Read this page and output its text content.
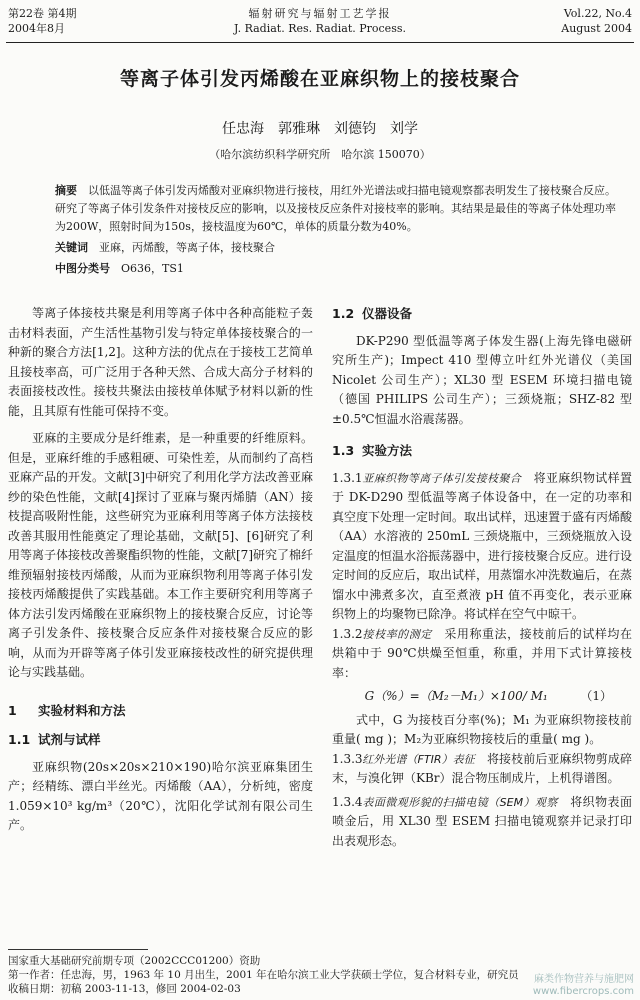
第22卷 第4期
2004年8月
辐射研究与辐射工艺学报
J. Radiat. Res. Radiat. Process.
Vol.22, No.4
August 2004
等离子体引发丙烯酸在亚麻织物上的接枝聚合
任忠海　郭雅琳　刘德钧　刘学
（哈尔滨纺织科学研究所　哈尔滨 150070）

摘要　 以低温等离子体引发丙烯酸对亚麻织物进行接枝，用红外光谱法或扫描电镜观察都表明发生了接枝聚合反应。研究了等离子体引发条件对接枝反应的影响，以及接枝反应条件对接枝率的影响。其结果是最佳的等离子体处理功率为200W，照射时间为150s，接枝温度为60℃，单体的质量分数为40%。

关键词　 亚麻，丙烯酸，等离子体，接枝聚合

中图分类号　 O636，TS1

等离子体接枝共聚是利用等离子体中各种高能粒子轰击材料表面，产生活性基物引发与特定单体接枝聚合的一种新的聚合方法[1,2]。这种方法的优点在于接枝工艺简单且接枝率高，可广泛用于各种天然、合成大高分子材料的表面接枝改性。接枝共聚法由接枝单体赋予材料以新的性能，且其原有性能可保持不变。

亚麻的主要成分是纤维素，是一种重要的纤维原料。但是，亚麻纤维的手感粗硬、可染性差，从而制约了高档亚麻产品的开发。文献[3]中研究了利用化学方法改善亚麻纱的染色性能，文献[4]探讨了亚麻与聚丙烯腈（AN）接枝提高吸附性能，这些研究为亚麻利用等离子体方法接枝改善其服用性能奠定了理论基础，文献[5]、[6]研究了利用等离子体接枝改善聚酯织物的性能，文献[7]研究了棉纤维预辐射接枝丙烯酸，从而为亚麻织物利用等离子体引发接枝丙烯酸提供了实践基础。本工作主要研究利用等离子体方法引发丙烯酸在亚麻织物上的接枝聚合反应，讨论等离子引发条件、接枝聚合反应条件对接枝聚合反应的影响，从而为开辟等离子体引发亚麻接枝改性的研究提供理论与实践基础。

1 实验材料和方法
1.1 试剂与试样

亚麻织物(20s×20s×210×190)哈尔滨亚麻集团生产；经精练、漂白半丝光。丙烯酸（AA），分析纯，密度 1.059×10³ kg/m³（20℃），沈阳化学试剂有限公司生产。

1.2 仪器设备

DK-P290 型低温等离子体发生器(上海先锋电磁研究所生产)；Impect 410 型傅立叶红外光谱仪（美国 Nicolet 公司生产）；XL30 型 ESEM 环境扫描电镜（德国 PHILIPS 公司生产）；三颈烧瓶；SHZ-82 型±0.5℃恒温水浴震荡器。

1.3 实验方法

1.3.1亚麻织物等离子体引发接枝聚合　 将亚麻织物试样置于 DK-D290 型低温等离子体设备中，在一定的功率和真空度下处理一定时间。取出试样，迅速置于盛有丙烯酸（AA）水溶液的 250mL 三颈烧瓶中，三颈烧瓶放入设定温度的恒温水浴振荡器中，进行接枝聚合反应。进行设定时间的反应后，取出试样，用蒸馏水冲洗数遍后，在蒸馏水中沸煮多次，直至煮液 pH 值不再变化，表示亚麻织物上的均聚物已除净。将试样在空气中晾干。

1.3.2接枝率的测定　 采用称重法，接枝前后的试样均在烘箱中于 90℃烘燥至恒重，称重，并用下式计算接枝率：

G（%）=（M₂－M₁）×100/ M₁	（1）

式中，G 为接枝百分率(%)；M₁ 为亚麻织物接枝前重量( mg )；M₂为亚麻织物接枝后的重量( mg )。

1.3.3红外光谱（FTIR）表征　 将接枝前后亚麻织物剪成碎末，与溴化钾（KBr）混合物压制成片，上机得谱图。

1.3.4表面微观形貌的扫描电镜（SEM）观察　 将织物表面喷金后，用 XL30 型 ESEM 扫描电镜观察并记录打印出表观形态。

国家重大基础研究前期专项（2002CCC01200）资助
第一作者：任忠海，男，1963 年 10 月出生，2001 年在哈尔滨工业大学获硕士学位，复合材料专业，研究员
收稿日期：初稿 2003-11-13，修回 2004-02-03
麻类作物营养与施肥网
www.fibercrops.com
